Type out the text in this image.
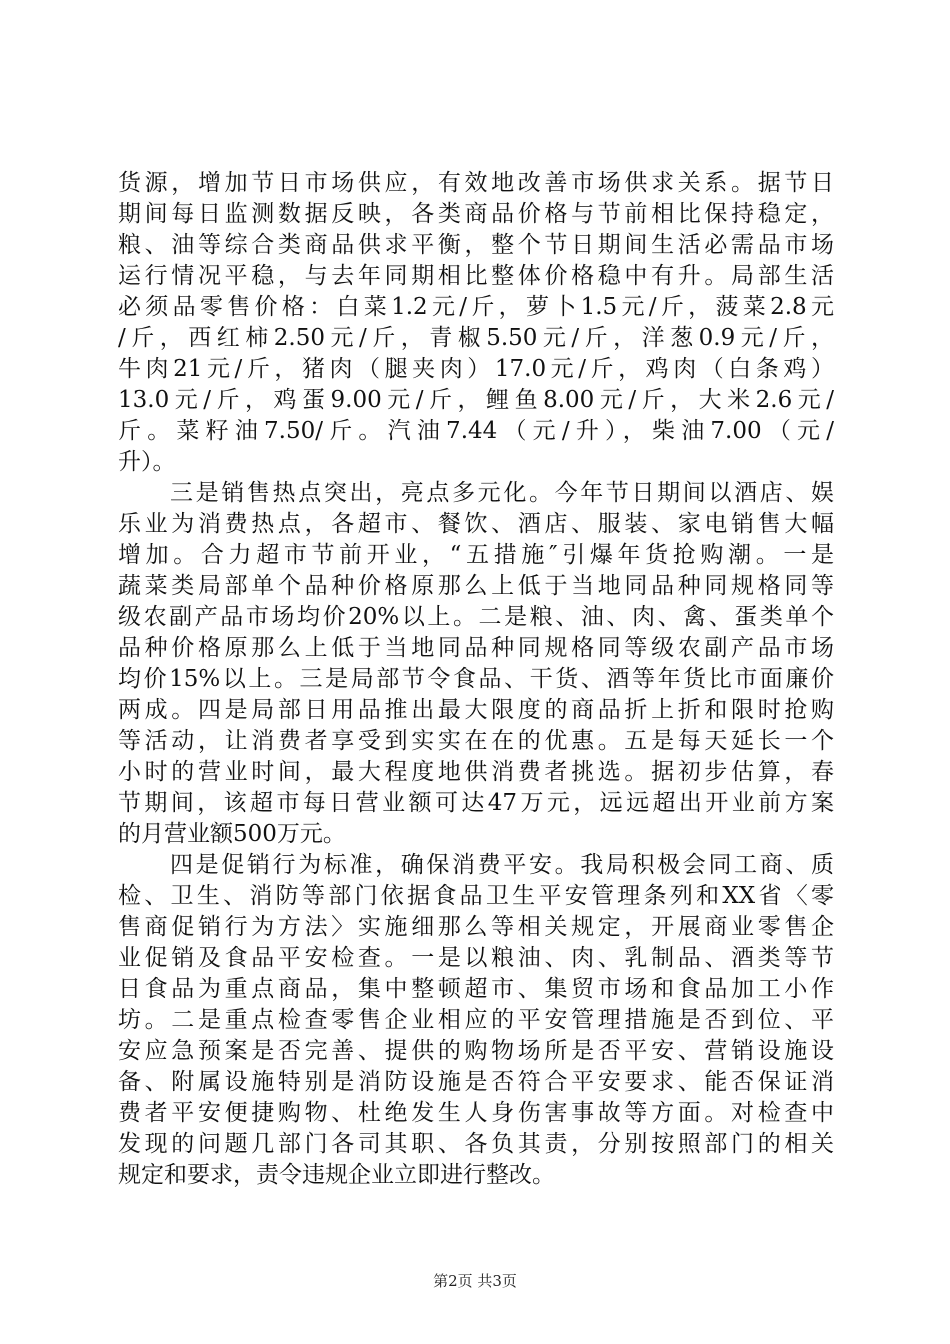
货源，增加节日市场供应，有效地改善市场供求关系。据节日
期间每日监测数据反映，各类商品价格与节前相比保持稳定，
粮、油等综合类商品供求平衡，整个节日期间生活必需品市场
运行情况平稳，与去年同期相比整体价格稳中有升。局部生活
必须品零售价格：白菜1.2元/斤，萝卜1.5元/斤，菠菜2.8元
/斤，西红柿2.50元/斤，青椒5.50元/斤，洋葱0.9元/斤，
牛肉21元/斤，猪肉（腿夹肉）17.0元/斤，鸡肉（白条鸡）
13.0元/斤，鸡蛋9.00元/斤，鲤鱼8.00元/斤，大米2.6元/
斤。菜籽油7.50/斤。汽油7.44（元/升），柴油7.00（元/
升）。
三是销售热点突出，亮点多元化。今年节日期间以酒店、娱
乐业为消费热点，各超市、餐饮、酒店、服装、家电销售大幅
增加。合力超市节前开业，“五措施″引爆年货抢购潮。一是
蔬菜类局部单个品种价格原那么上低于当地同品种同规格同等
级农副产品市场均价20%以上。二是粮、油、肉、禽、蛋类单个
品种价格原那么上低于当地同品种同规格同等级农副产品市场
均价15%以上。三是局部节令食品、干货、酒等年货比市面廉价
两成。四是局部日用品推出最大限度的商品折上折和限时抢购
等活动，让消费者享受到实实在在的优惠。五是每天延长一个
小时的营业时间，最大程度地供消费者挑选。据初步估算，春
节期间，该超市每日营业额可达47万元，远远超出开业前方案
的月营业额500万元。
四是促销行为标准，确保消费平安。我局积极会同工商、质
检、卫生、消防等部门依据食品卫生平安管理条列和XX省〈零
售商促销行为方法〉实施细那么等相关规定，开展商业零售企
业促销及食品平安检查。一是以粮油、肉、乳制品、酒类等节
日食品为重点商品，集中整顿超市、集贸市场和食品加工小作
坊。二是重点检查零售企业相应的平安管理措施是否到位、平
安应急预案是否完善、提供的购物场所是否平安、营销设施设
备、附属设施特别是消防设施是否符合平安要求、能否保证消
费者平安便捷购物、杜绝发生人身伤害事故等方面。对检查中
发现的问题几部门各司其职、各负其责，分别按照部门的相关
规定和要求，责令违规企业立即进行整改。
第2页 共3页
